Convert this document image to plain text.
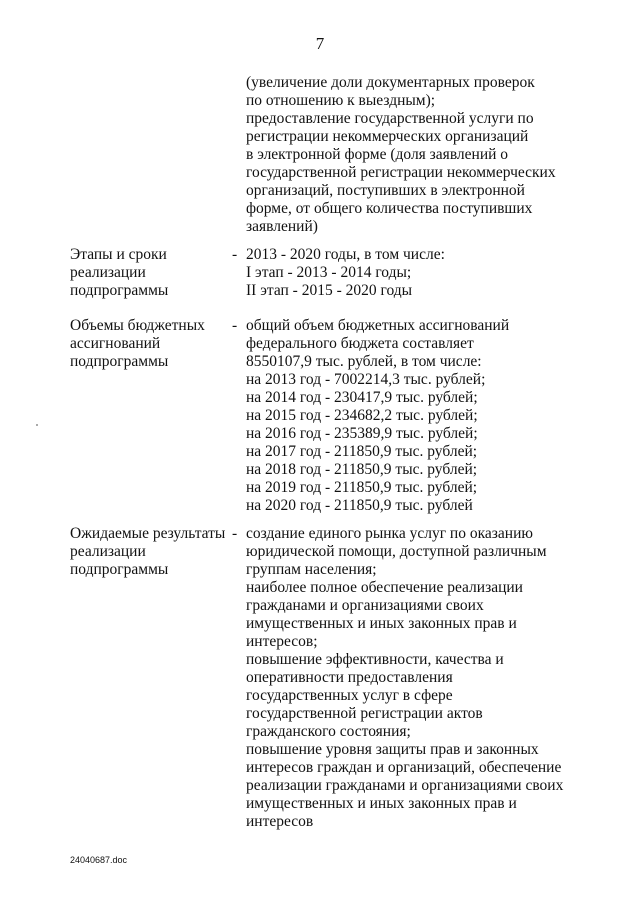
7
(увеличение доли документарных проверок
по отношению к выездным);
предоставление государственной услуги по
регистрации некоммерческих организаций
в электронной форме (доля заявлений о
государственной регистрации некоммерческих
организаций, поступивших в электронной
форме, от общего количества поступивших
заявлений)
Этапы и сроки
реализации
подпрограммы
- 2013 - 2020 годы, в том числе:
I этап - 2013 - 2014 годы;
II этап - 2015 - 2020 годы
Объемы бюджетных
ассигнований
подпрограммы
- общий объем бюджетных ассигнований
федерального бюджета составляет
8550107,9 тыс. рублей, в том числе:
на 2013 год - 7002214,3 тыс. рублей;
на 2014 год - 230417,9 тыс. рублей;
на 2015 год - 234682,2 тыс. рублей;
на 2016 год - 235389,9 тыс. рублей;
на 2017 год - 211850,9 тыс. рублей;
на 2018 год - 211850,9 тыс. рублей;
на 2019 год - 211850,9 тыс. рублей;
на 2020 год - 211850,9 тыс. рублей
Ожидаемые результаты
реализации
подпрограммы
- создание единого рынка услуг по оказанию
юридической помощи, доступной различным
группам населения;
наиболее полное обеспечение реализации
гражданами и организациями своих
имущественных и иных законных прав и
интересов;
повышение эффективности, качества и
оперативности предоставления
государственных услуг в сфере
государственной регистрации актов
гражданского состояния;
повышение уровня защиты прав и законных
интересов граждан и организаций, обеспечение
реализации гражданами и организациями своих
имущественных и иных законных прав и
интересов
24040687.doc
